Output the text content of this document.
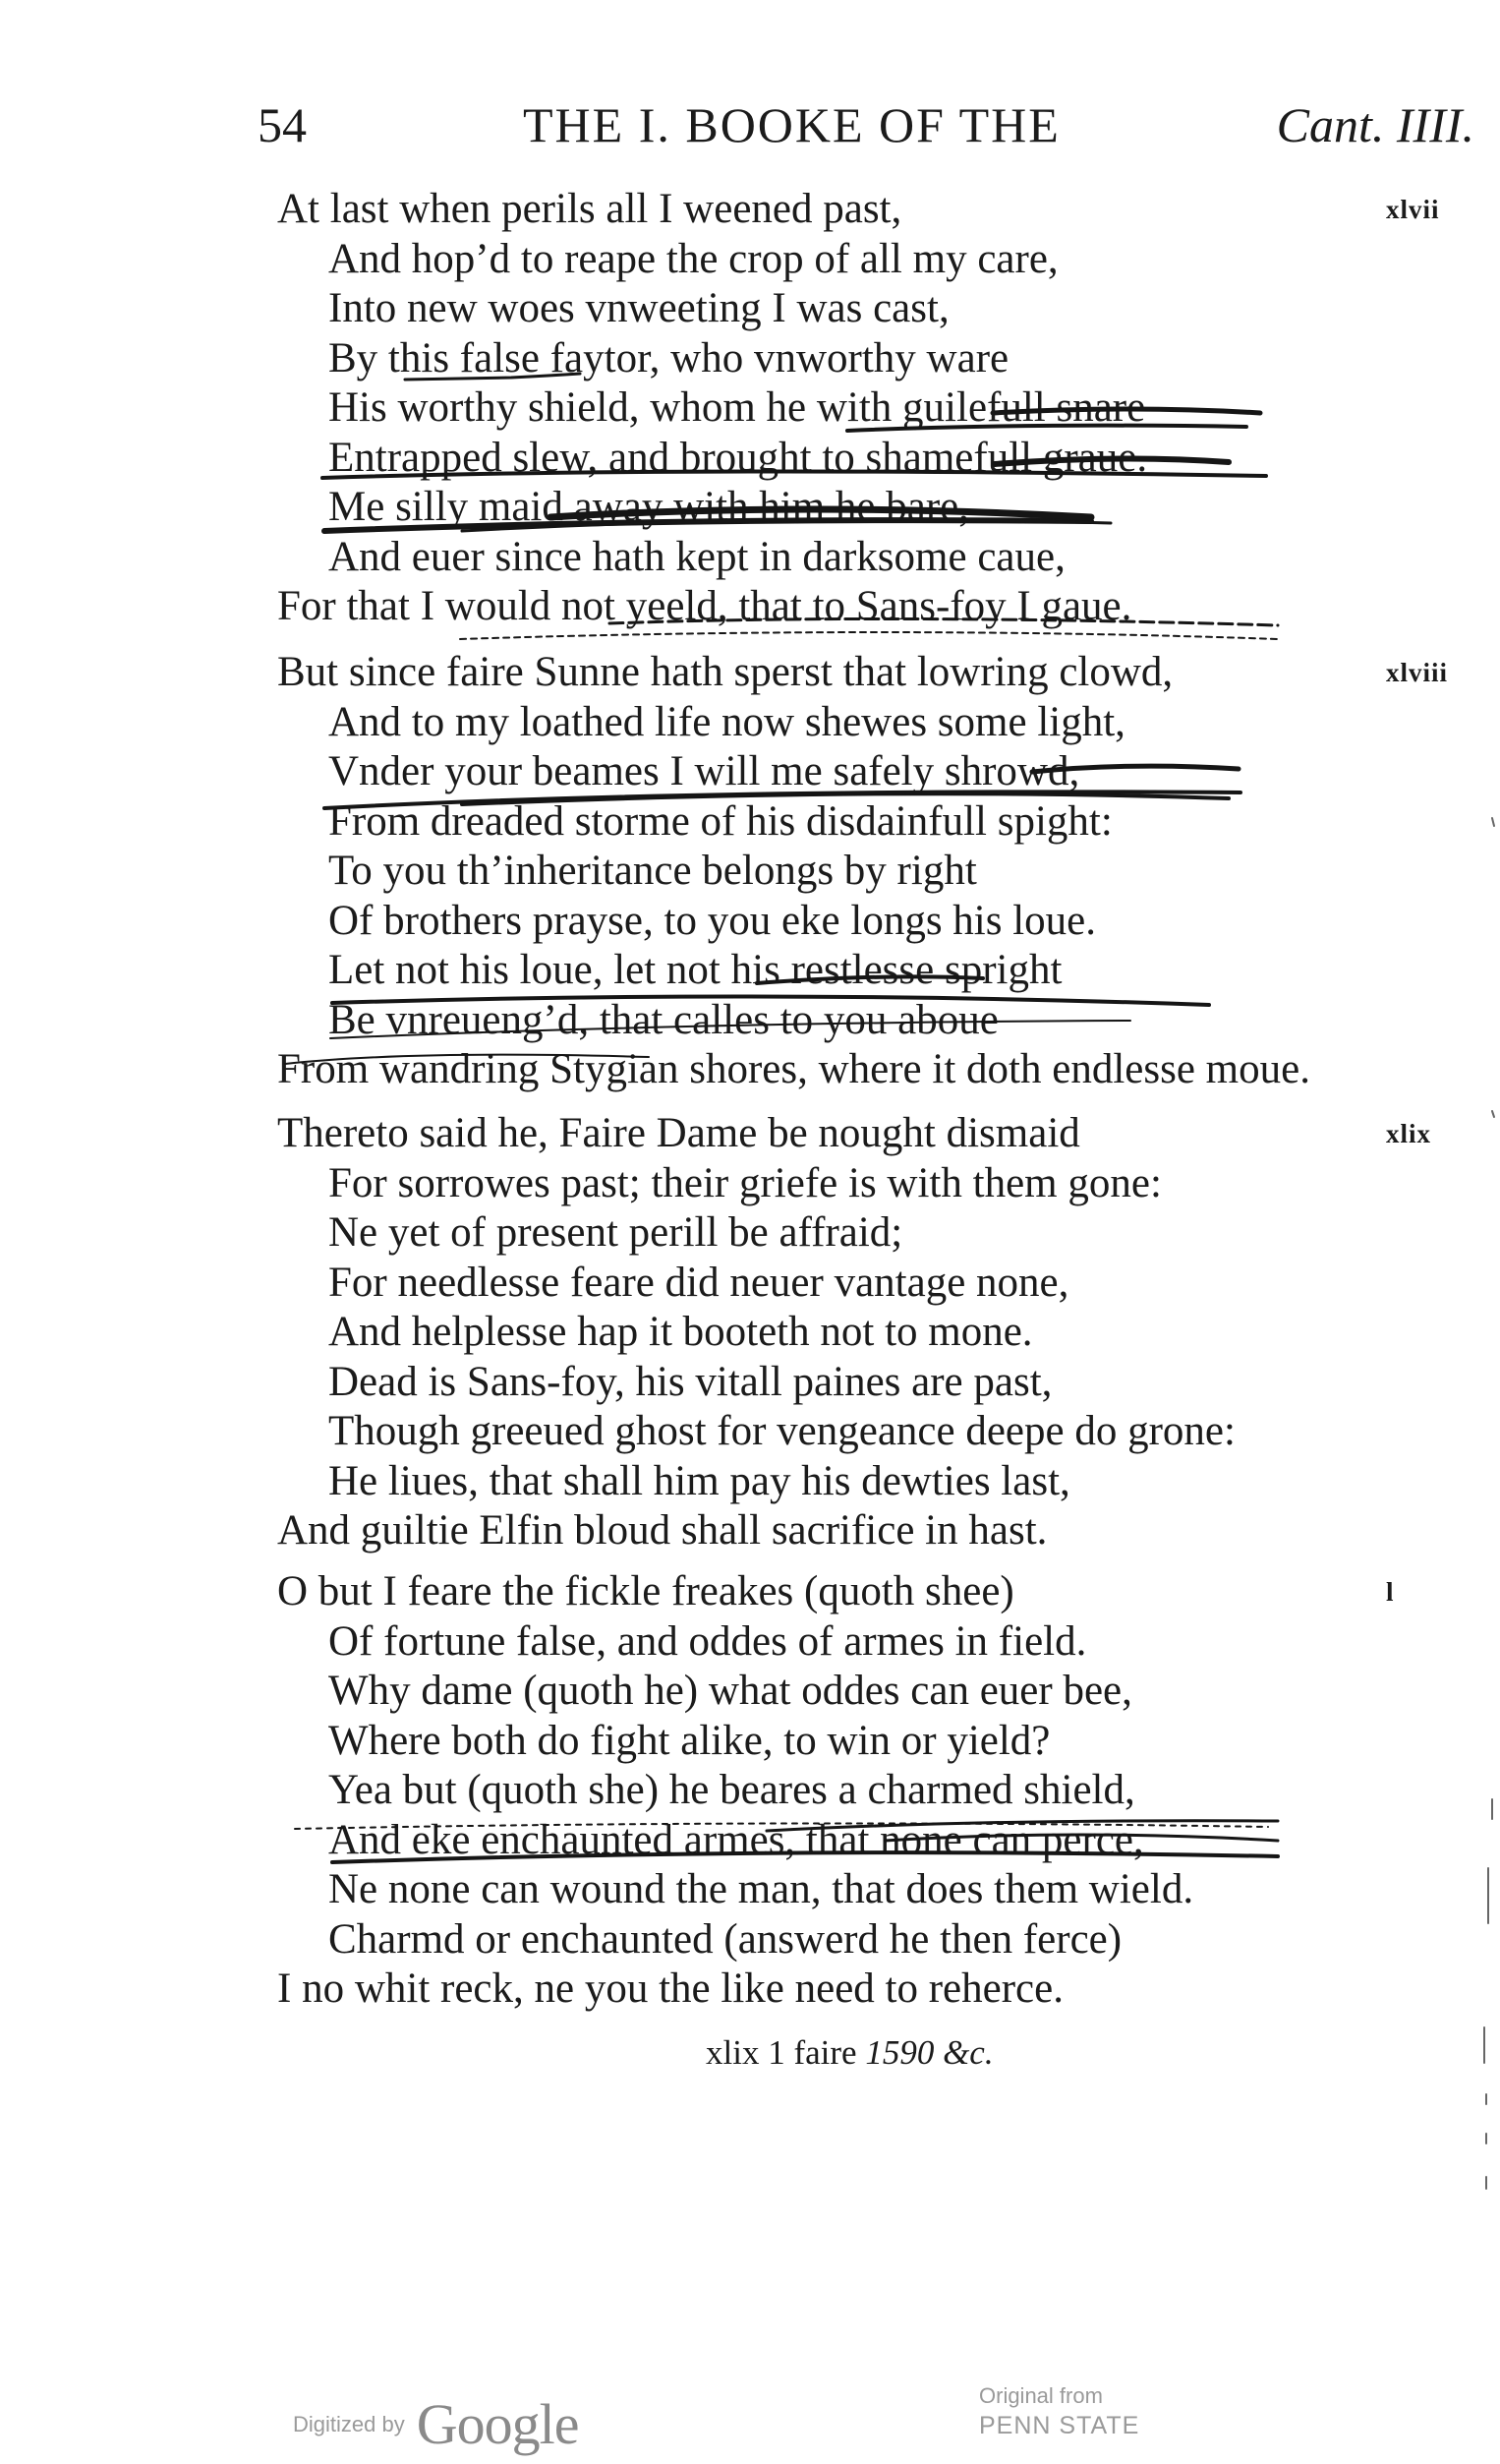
54	THE I. BOOKE OF THE	Cant. IIII.
xlvii
At last when perils all I weened past,
And hop’d to reape the crop of all my care,
Into new woes vnweeting I was cast,
By this false faytor, who vnworthy ware
His worthy shield, whom he with guilefull snare
Entrapped slew, and brought to shamefull graue.
Me silly maid away with him he bare,
And euer since hath kept in darksome caue,
For that I would not yeeld, that to Sans-foy I gaue.
xlviii
But since faire Sunne hath sperst that lowring clowd,
And to my loathed life now shewes some light,
Vnder your beames I will me safely shrowd,
From dreaded storme of his disdainfull spight:
To you th’inheritance belongs by right
Of brothers prayse, to you eke longs his loue.
Let not his loue, let not his restlesse spright
Be vnreueng’d, that calles to you aboue
From wandring Stygian shores, where it doth endlesse moue.
xlix
Thereto said he, Faire Dame be nought dismaid
For sorrowes past; their griefe is with them gone:
Ne yet of present perill be affraid;
For needlesse feare did neuer vantage none,
And helplesse hap it booteth not to mone.
Dead is Sans-foy, his vitall paines are past,
Though greeued ghost for vengeance deepe do grone:
He liues, that shall him pay his dewties last,
And guiltie Elfin bloud shall sacrifice in hast.
l
O but I feare the fickle freakes (quoth shee)
Of fortune false, and oddes of armes in field.
Why dame (quoth he) what oddes can euer bee,
Where both do fight alike, to win or yield?
Yea but (quoth she) he beares a charmed shield,
And eke enchaunted armes, that none can perce,
Ne none can wound the man, that does them wield.
Charmd or enchaunted (answerd he then ferce)
I no whit reck, ne you the like need to reherce.
xlix 1 faire 1590 &c.
Digitized by Google	Original from
PENN STATE
